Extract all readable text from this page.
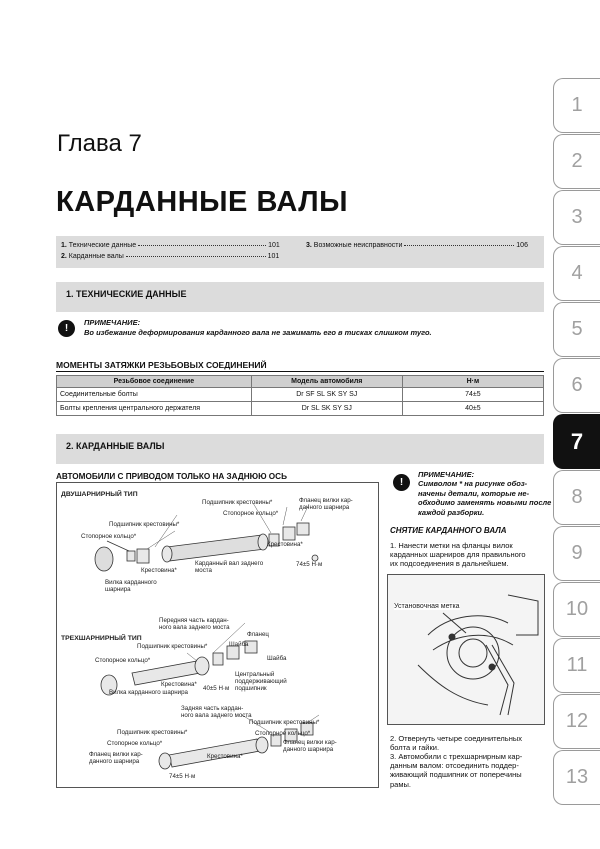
1
2
3
4
5
6
7
8
9
10
11
12
13
Глава 7
КАРДАННЫЕ ВАЛЫ
1. Технические данные	101
2. Карданные валы	101
3. Возможные неисправности	106
1. ТЕХНИЧЕСКИЕ ДАННЫЕ
!
ПРИМЕЧАНИЕ:
Во избежание деформирования карданного вала не зажимать его в тисках слишком туго.
МОМЕНТЫ ЗАТЯЖКИ РЕЗЬБОВЫХ СОЕДИНЕНИЙ
Резьбовое соединение	Модель автомобиля	Н·м
Соединительные болты	Dr SF SL SK SY SJ	74±5
Болты крепления центрального держателя	Dr SL SK SY SJ	40±5
2. КАРДАННЫЕ ВАЛЫ
АВТОМОБИЛИ С ПРИВОДОМ ТОЛЬКО НА ЗАДНЮЮ ОСЬ
ДВУШАРНИРНЫЙ ТИП
ТРЕХШАРНИРНЫЙ ТИП
Подшипник крестовины*	Фланец вилки кар-
данного шарнира
Стопорное кольцо*
Подшипник крестовины*
Стопорное кольцо*
Крестовина*
Карданный вал заднего
моста
Крестовина*
Вилка карданного
шарнира
74±5 Н·м
Передняя часть кардан-
ного вала заднего моста
Фланец
Подшипник крестовины*	Шайба
Шайба
Стопорное кольцо*
Крестовина*
Центральный
поддерживающий
подшипник
40±5 Н·м
Вилка карданного шарнира
Задняя часть кардан-
ного вала заднего моста
Подшипник крестовины*
Подшипник крестовины*	Стопорное кольцо*
Стопорное кольцо*	Фланец вилки кар-
данного шарнира
Фланец вилки кар-
данного шарнира
Крестовина*
74±5 Н·м
!
ПРИМЕЧАНИЕ:
Символом * на рисунке обоз-
начены детали, которые не-
обходимо заменять новыми после
каждой разборки.
СНЯТИЕ КАРДАННОГО ВАЛА
1. Нанести метки на фланцы вилок
карданных шарниров для правильного
их подсоединения в дальнейшем.
Установочная метка
2. Отвернуть четыре соединительных
болта и гайки.
3. Автомобили с трехшарнирным кар-
данным валом: отсоединить поддер-
живающий подшипник от поперечины
рамы.
